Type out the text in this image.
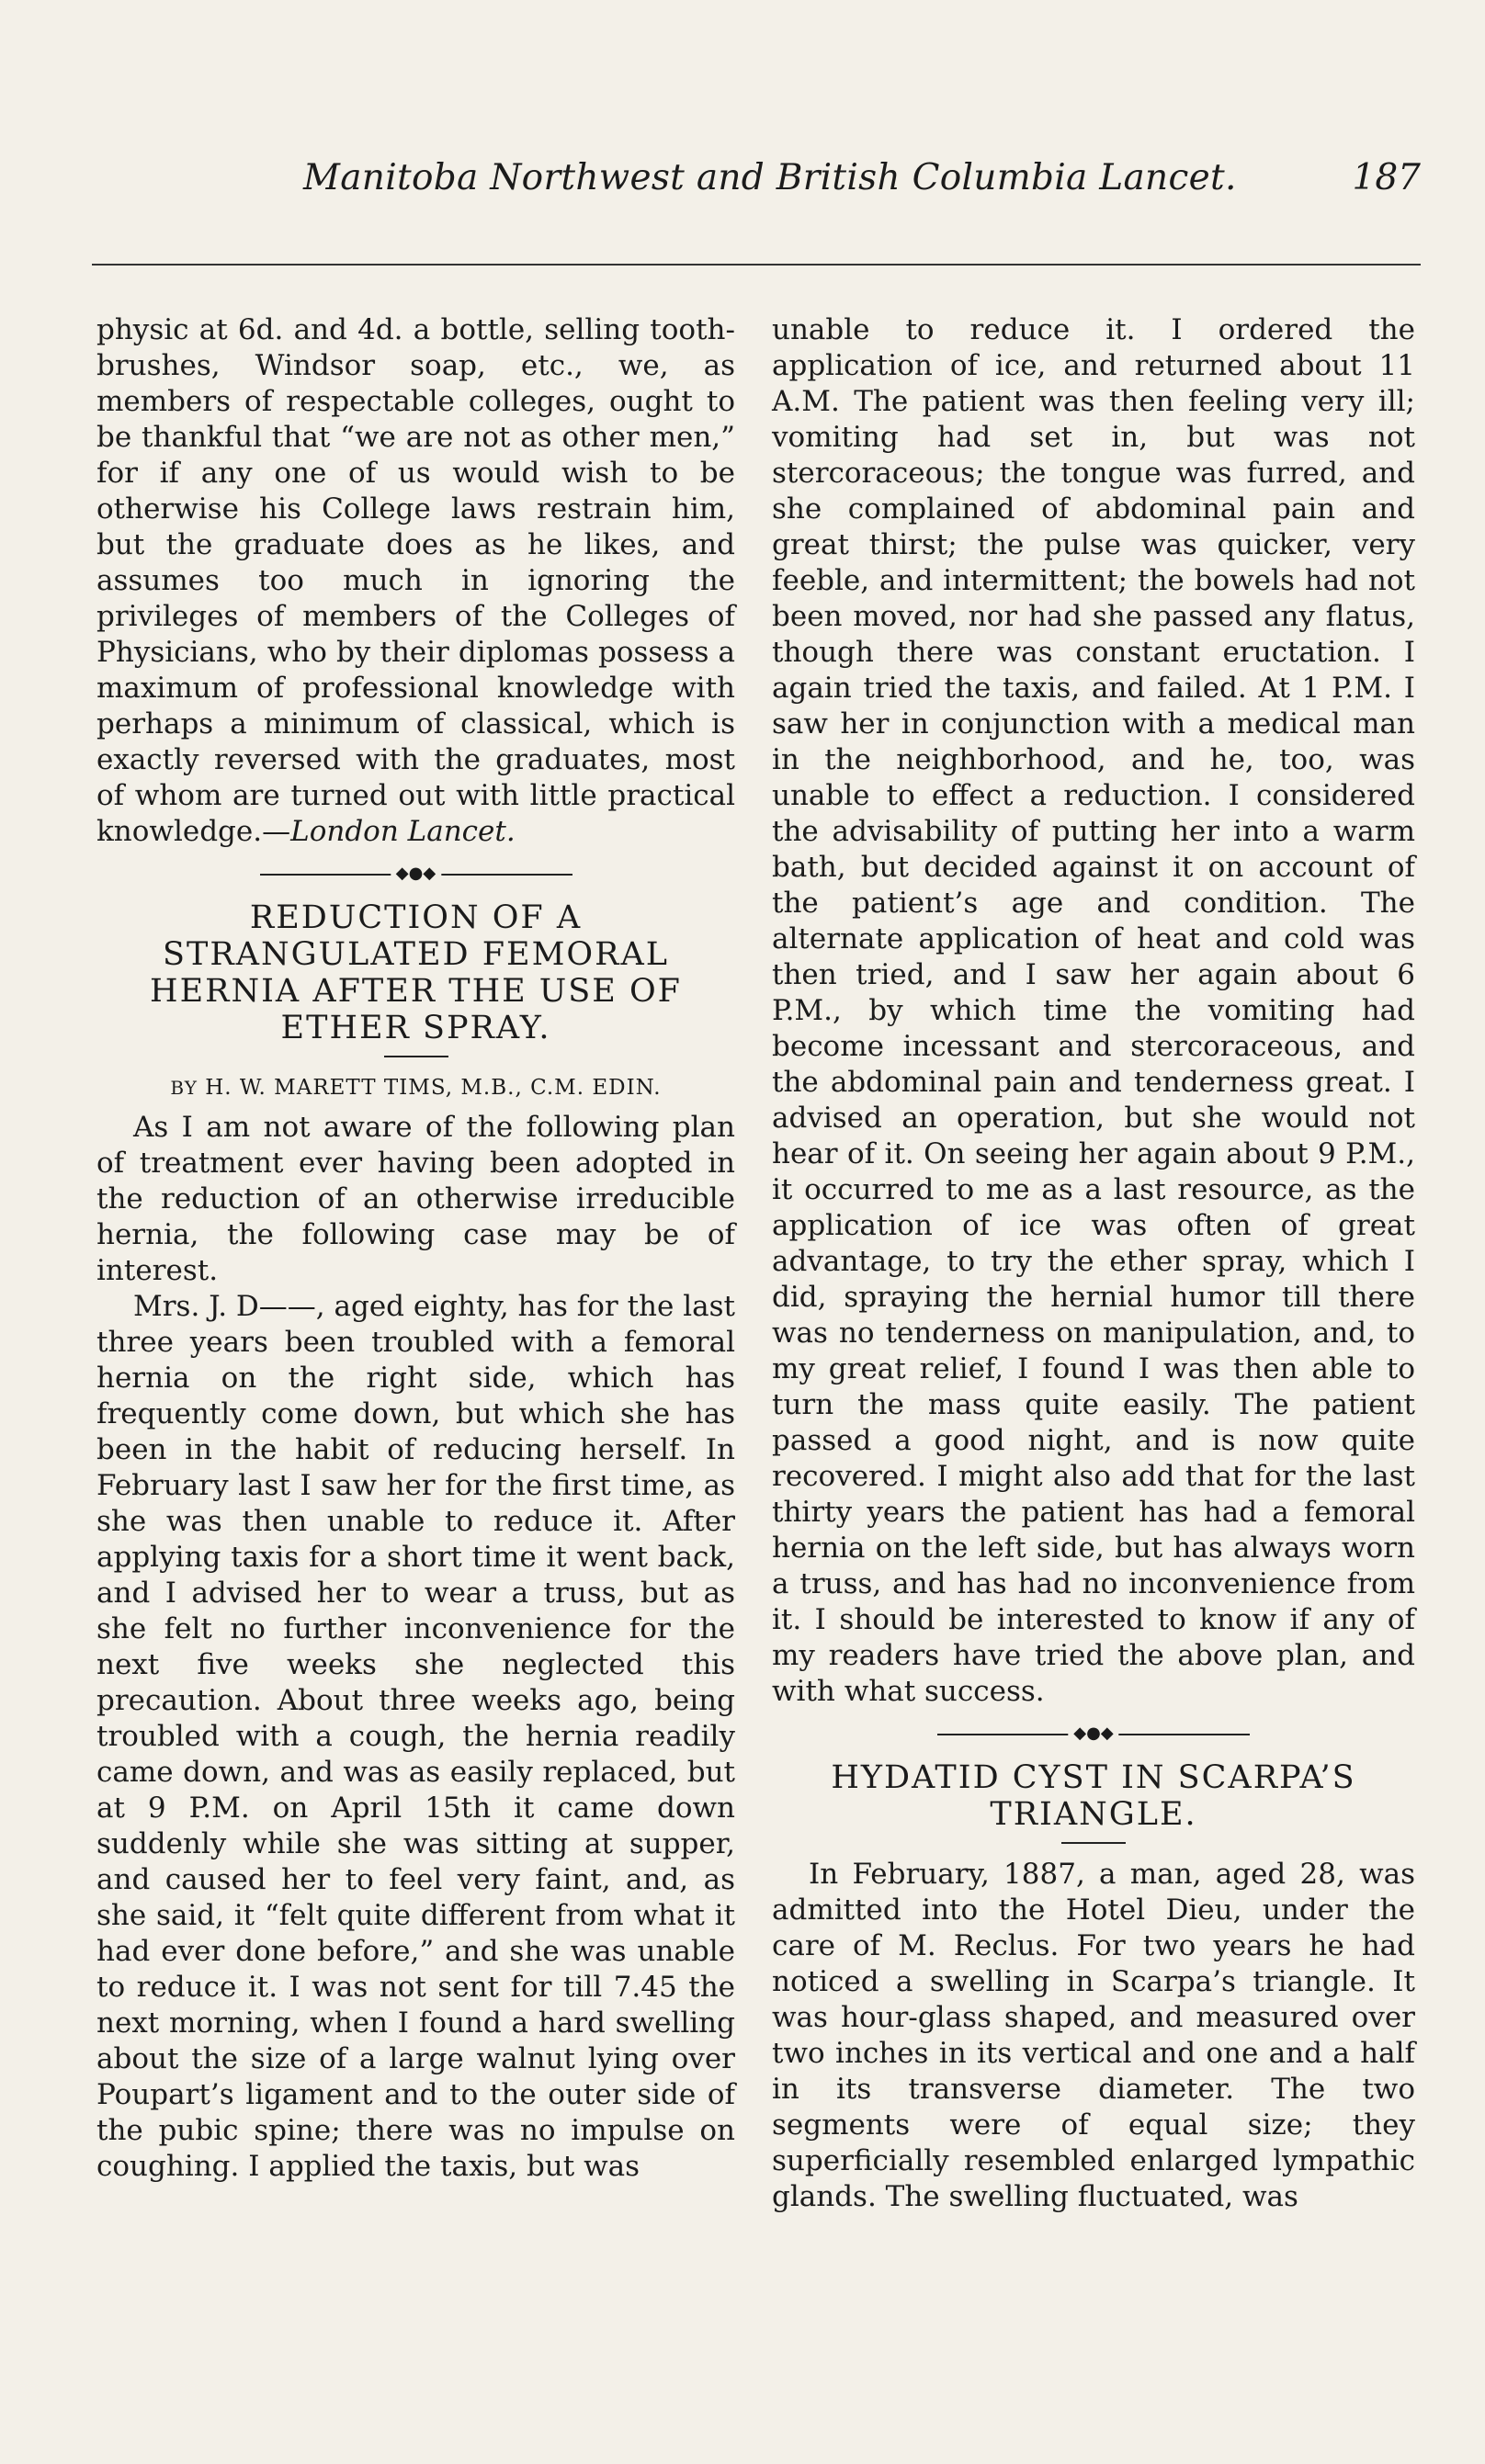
Manitoba Northwest and British Columbia Lancet.	187

physic at 6d. and 4d. a bottle, selling tooth-brushes, Windsor soap, etc., we, as members of respectable colleges, ought to be thankful that “we are not as other men,” for if any one of us would wish to be otherwise his College laws restrain him, but the graduate does as he likes, and assumes too much in ignoring the privileges of members of the Colleges of Physicians, who by their diplomas possess a maximum of professional knowledge with perhaps a minimum of classical, which is exactly reversed with the graduates, most of whom are turned out with little practical knowledge.—London Lancet.

◆●◆
REDUCTION OF A STRANGULATED FEMORAL HERNIA AFTER THE USE OF ETHER SPRAY.
BY H. W. MARETT TIMS, M.B., C.M. EDIN.

As I am not aware of the following plan of treatment ever having been adopted in the reduction of an otherwise irreducible hernia, the following case may be of interest.

Mrs. J. D——, aged eighty, has for the last three years been troubled with a femoral hernia on the right side, which has frequently come down, but which she has been in the habit of reducing herself. In February last I saw her for the first time, as she was then unable to reduce it. After applying taxis for a short time it went back, and I advised her to wear a truss, but as she felt no further inconvenience for the next five weeks she neglected this precaution. About three weeks ago, being troubled with a cough, the hernia readily came down, and was as easily replaced, but at 9 P.M. on April 15th it came down suddenly while she was sitting at supper, and caused her to feel very faint, and, as she said, it “felt quite different from what it had ever done before,” and she was unable to reduce it. I was not sent for till 7.45 the next morning, when I found a hard swelling about the size of a large walnut lying over Poupart’s ligament and to the outer side of the pubic spine; there was no impulse on coughing. I applied the taxis, but was

unable to reduce it. I ordered the application of ice, and returned about 11 A.M. The patient was then feeling very ill; vomiting had set in, but was not stercoraceous; the tongue was furred, and she complained of abdominal pain and great thirst; the pulse was quicker, very feeble, and intermittent; the bowels had not been moved, nor had she passed any flatus, though there was constant eructation. I again tried the taxis, and failed. At 1 P.M. I saw her in conjunction with a medical man in the neighborhood, and he, too, was unable to effect a reduction. I considered the advisability of putting her into a warm bath, but decided against it on account of the patient’s age and condition. The alternate application of heat and cold was then tried, and I saw her again about 6 P.M., by which time the vomiting had become incessant and stercoraceous, and the abdominal pain and tenderness great. I advised an operation, but she would not hear of it. On seeing her again about 9 P.M., it occurred to me as a last resource, as the application of ice was often of great advantage, to try the ether spray, which I did, spraying the hernial humor till there was no tenderness on manipulation, and, to my great relief, I found I was then able to turn the mass quite easily. The patient passed a good night, and is now quite recovered. I might also add that for the last thirty years the patient has had a femoral hernia on the left side, but has always worn a truss, and has had no inconvenience from it. I should be interested to know if any of my readers have tried the above plan, and with what success.

◆●◆
HYDATID CYST IN SCARPA’S TRIANGLE.

In February, 1887, a man, aged 28, was admitted into the Hotel Dieu, under the care of M. Reclus. For two years he had noticed a swelling in Scarpa’s triangle. It was hour-glass shaped, and measured over two inches in its vertical and one and a half in its transverse diameter. The two segments were of equal size; they superficially resembled enlarged lympathic glands. The swelling fluctuated, was
